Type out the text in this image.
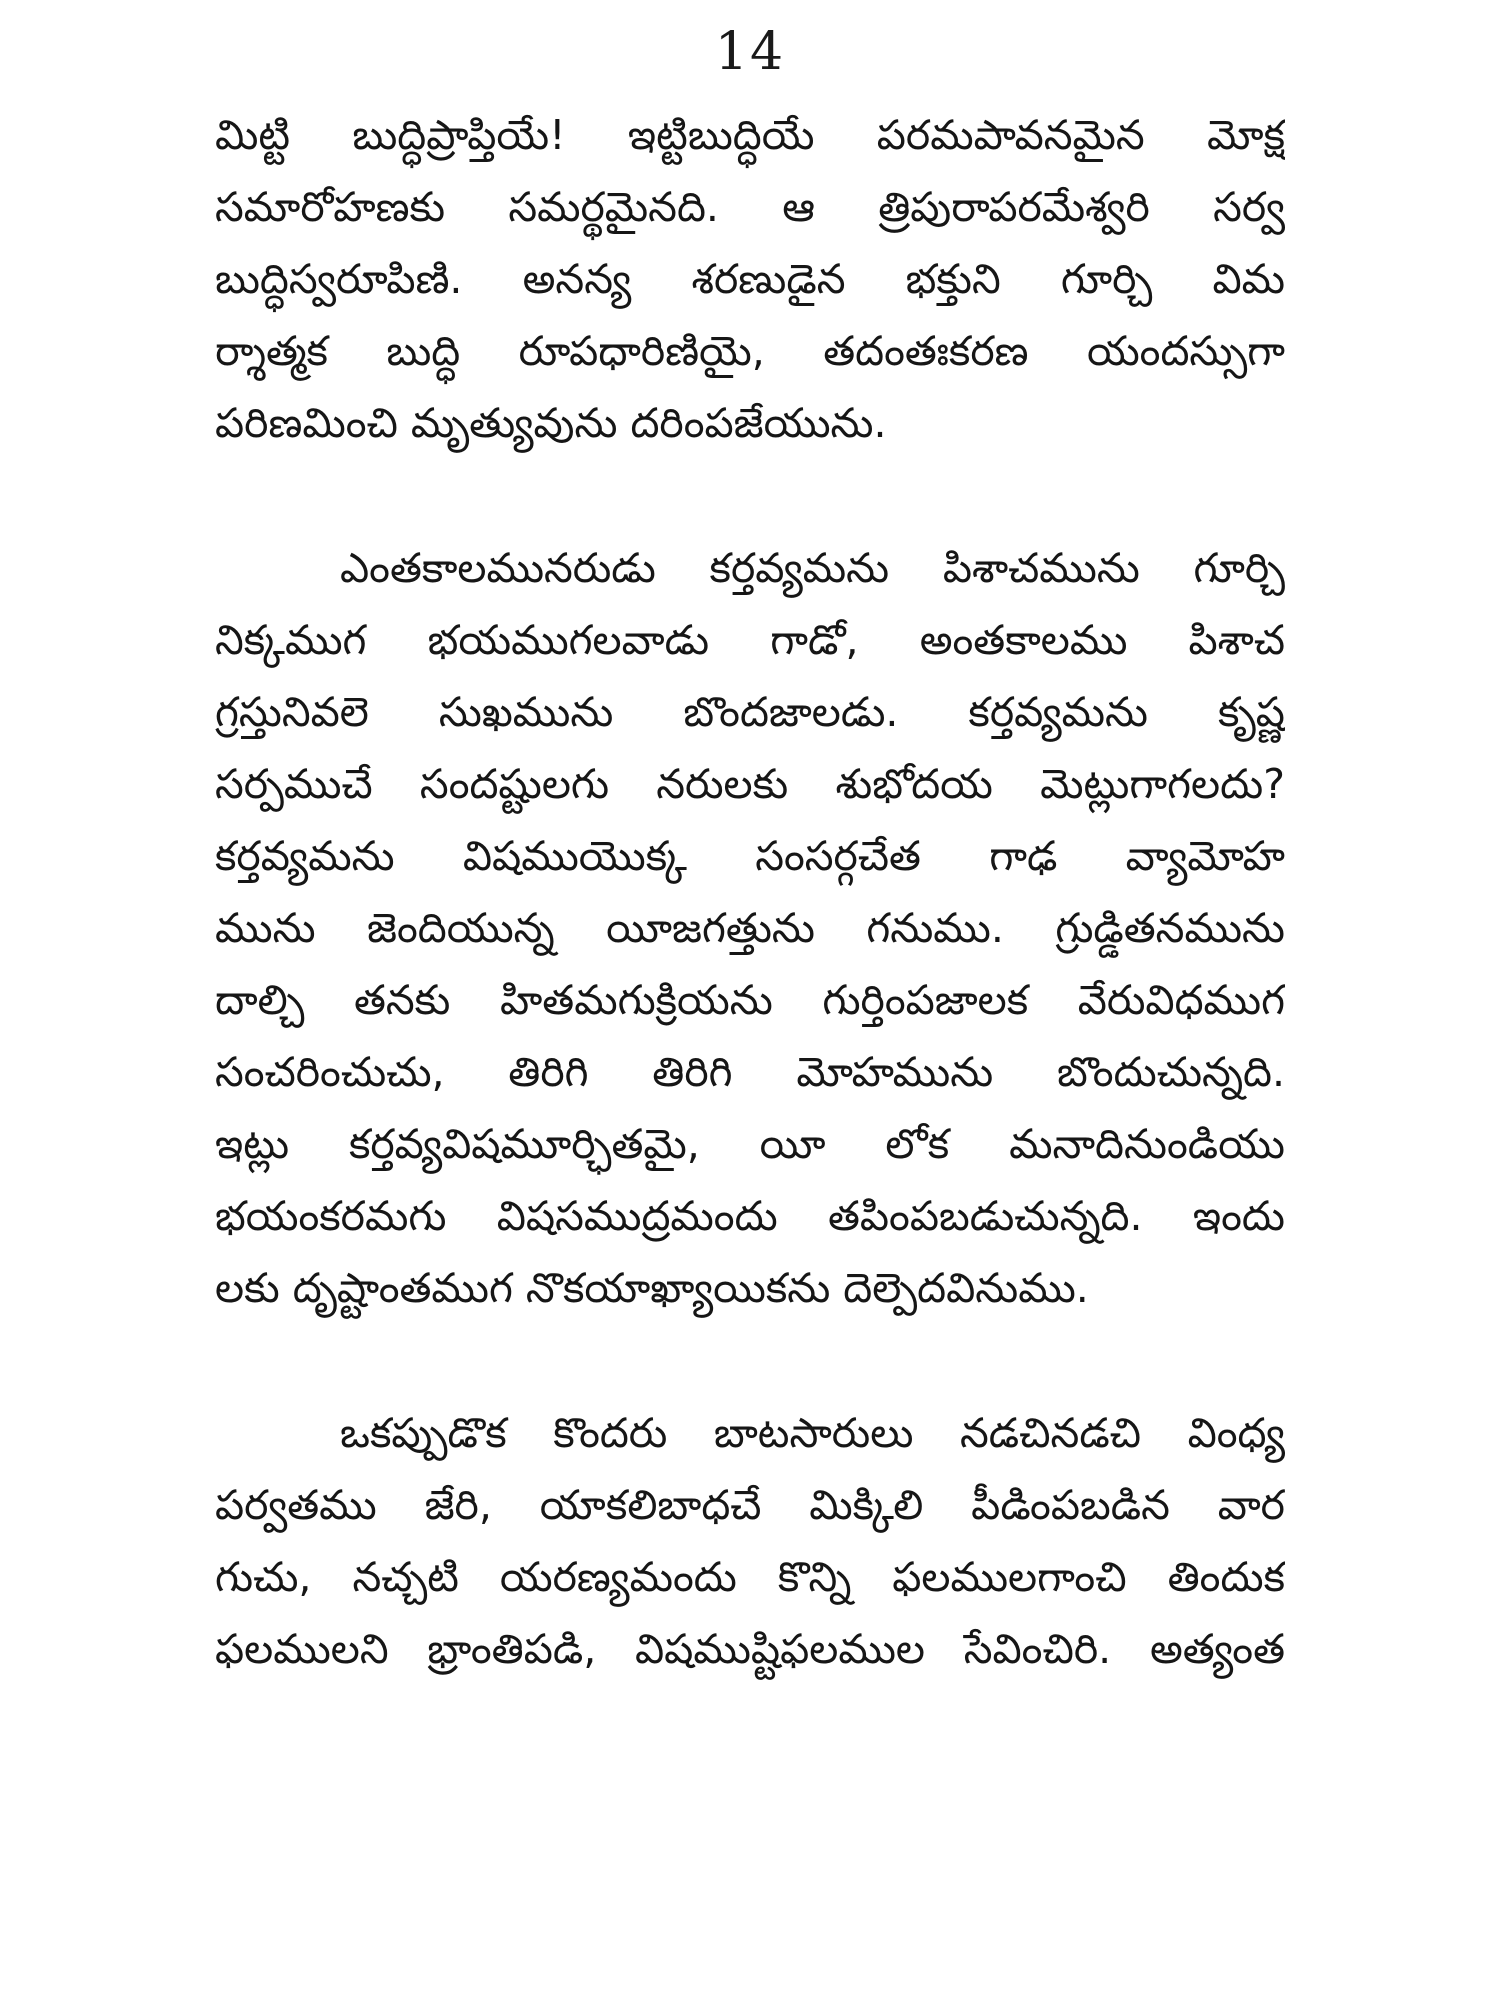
14
మిట్టి బుద్ధిప్రాప్తియే! ఇట్టిబుద్ధియే పరమపావనమైన మోక్ష
సమారోహణకు సమర్థమైనది. ఆ త్రిపురాపరమేశ్వరి సర్వ
బుద్ధిస్వరూపిణి. అనన్య శరణుడైన భక్తుని గూర్చి విమ
ర్శాత్మక బుద్ధి రూపధారిణియై, తదంతఃకరణ యందస్సుగా
పరిణమించి మృత్యువును దరింపజేయును.
ఎంతకాలమునరుడు కర్తవ్యమను పిశాచమును గూర్చి
నిక్కముగ భయముగలవాడు గాడో, అంతకాలము పిశాచ
గ్రస్తునివలె సుఖమును బొందజాలడు. కర్తవ్యమను కృష్ణ
సర్పముచే సందష్టులగు నరులకు శుభోదయ మెట్లుగాగలదు?
కర్తవ్యమను విషముయొక్క సంసర్గచేత గాఢ వ్యామోహ
మును జెందియున్న యీజగత్తును గనుము. గ్రుడ్డితనమును
దాల్చి తనకు హితమగుక్రియను గుర్తింపజాలక వేరువిధముగ
సంచరించుచు, తిరిగి తిరిగి మోహమును బొందుచున్నది.
ఇట్లు కర్తవ్యవిషమూర్ఛితమై, యీ లోక మనాదినుండియు
భయంకరమగు విషసముద్రమందు తపింపబడుచున్నది. ఇందు
లకు దృష్టాంతముగ నొకయాఖ్యాయికను దెల్పెదవినుము.
ఒకప్పుడొక కొందరు బాటసారులు నడచినడచి వింధ్య
పర్వతము జేరి, యాకలిబాధచే మిక్కిలి పీడింపబడిన వార
గుచు, నచ్చటి యరణ్యమందు కొన్ని ఫలములగాంచి తిందుక
ఫలములని భ్రాంతిపడి, విషముష్టిఫలముల సేవించిరి. అత్యంత
